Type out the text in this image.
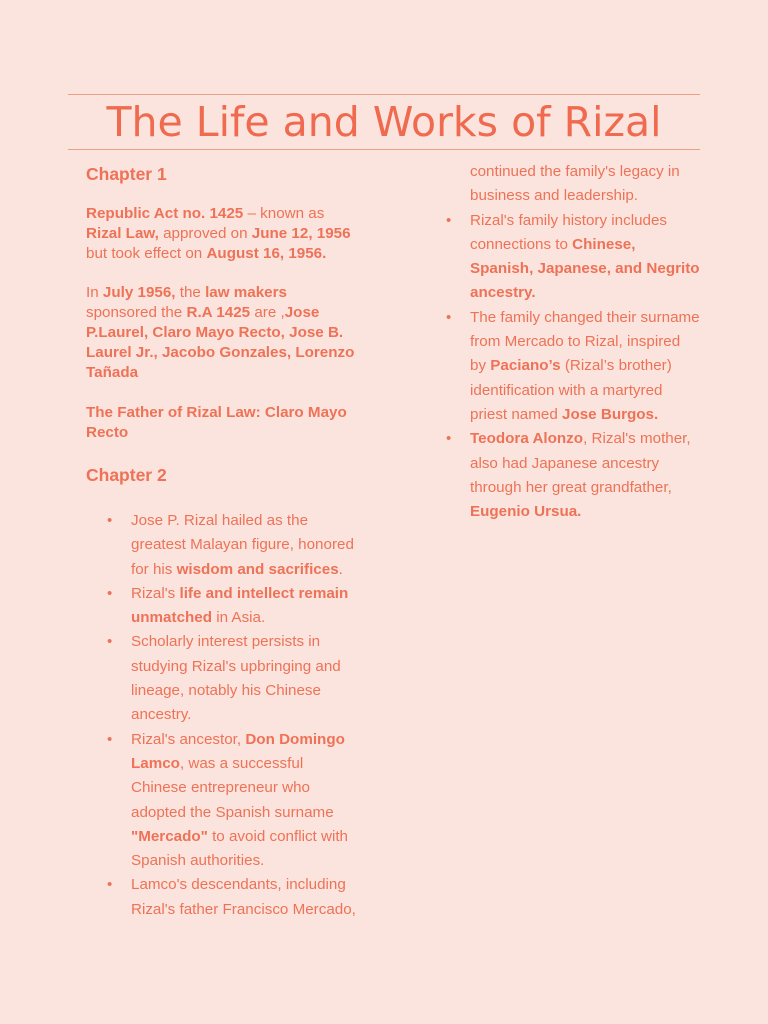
The Life and Works of Rizal
Chapter 1

Republic Act no. 1425 – known as Rizal Law, approved on June 12, 1956 but took effect on August 16, 1956.

In July 1956, the law makers sponsored the R.A 1425 are ,Jose P.Laurel, Claro Mayo Recto, Jose B. Laurel Jr., Jacobo Gonzales, Lorenzo Tañada

The Father of Rizal Law: Claro Mayo Recto

Chapter 2
• Jose P. Rizal hailed as the greatest Malayan figure, honored for his wisdom and sacrifices.
• Rizal's life and intellect remain unmatched in Asia.
• Scholarly interest persists in studying Rizal's upbringing and lineage, notably his Chinese ancestry.
• Rizal's ancestor, Don Domingo Lamco, was a successful Chinese entrepreneur who adopted the Spanish surname "Mercado" to avoid conflict with Spanish authorities.
• Lamco's descendants, including Rizal's father Francisco Mercado,

continued the family's legacy in business and leadership.

• Rizal's family history includes connections to Chinese, Spanish, Japanese, and Negrito ancestry.
• The family changed their surname from Mercado to Rizal, inspired by Paciano’s (Rizal’s brother) identification with a martyred priest named Jose Burgos.
• Teodora Alonzo, Rizal's mother, also had Japanese ancestry through her great grandfather, Eugenio Ursua.
